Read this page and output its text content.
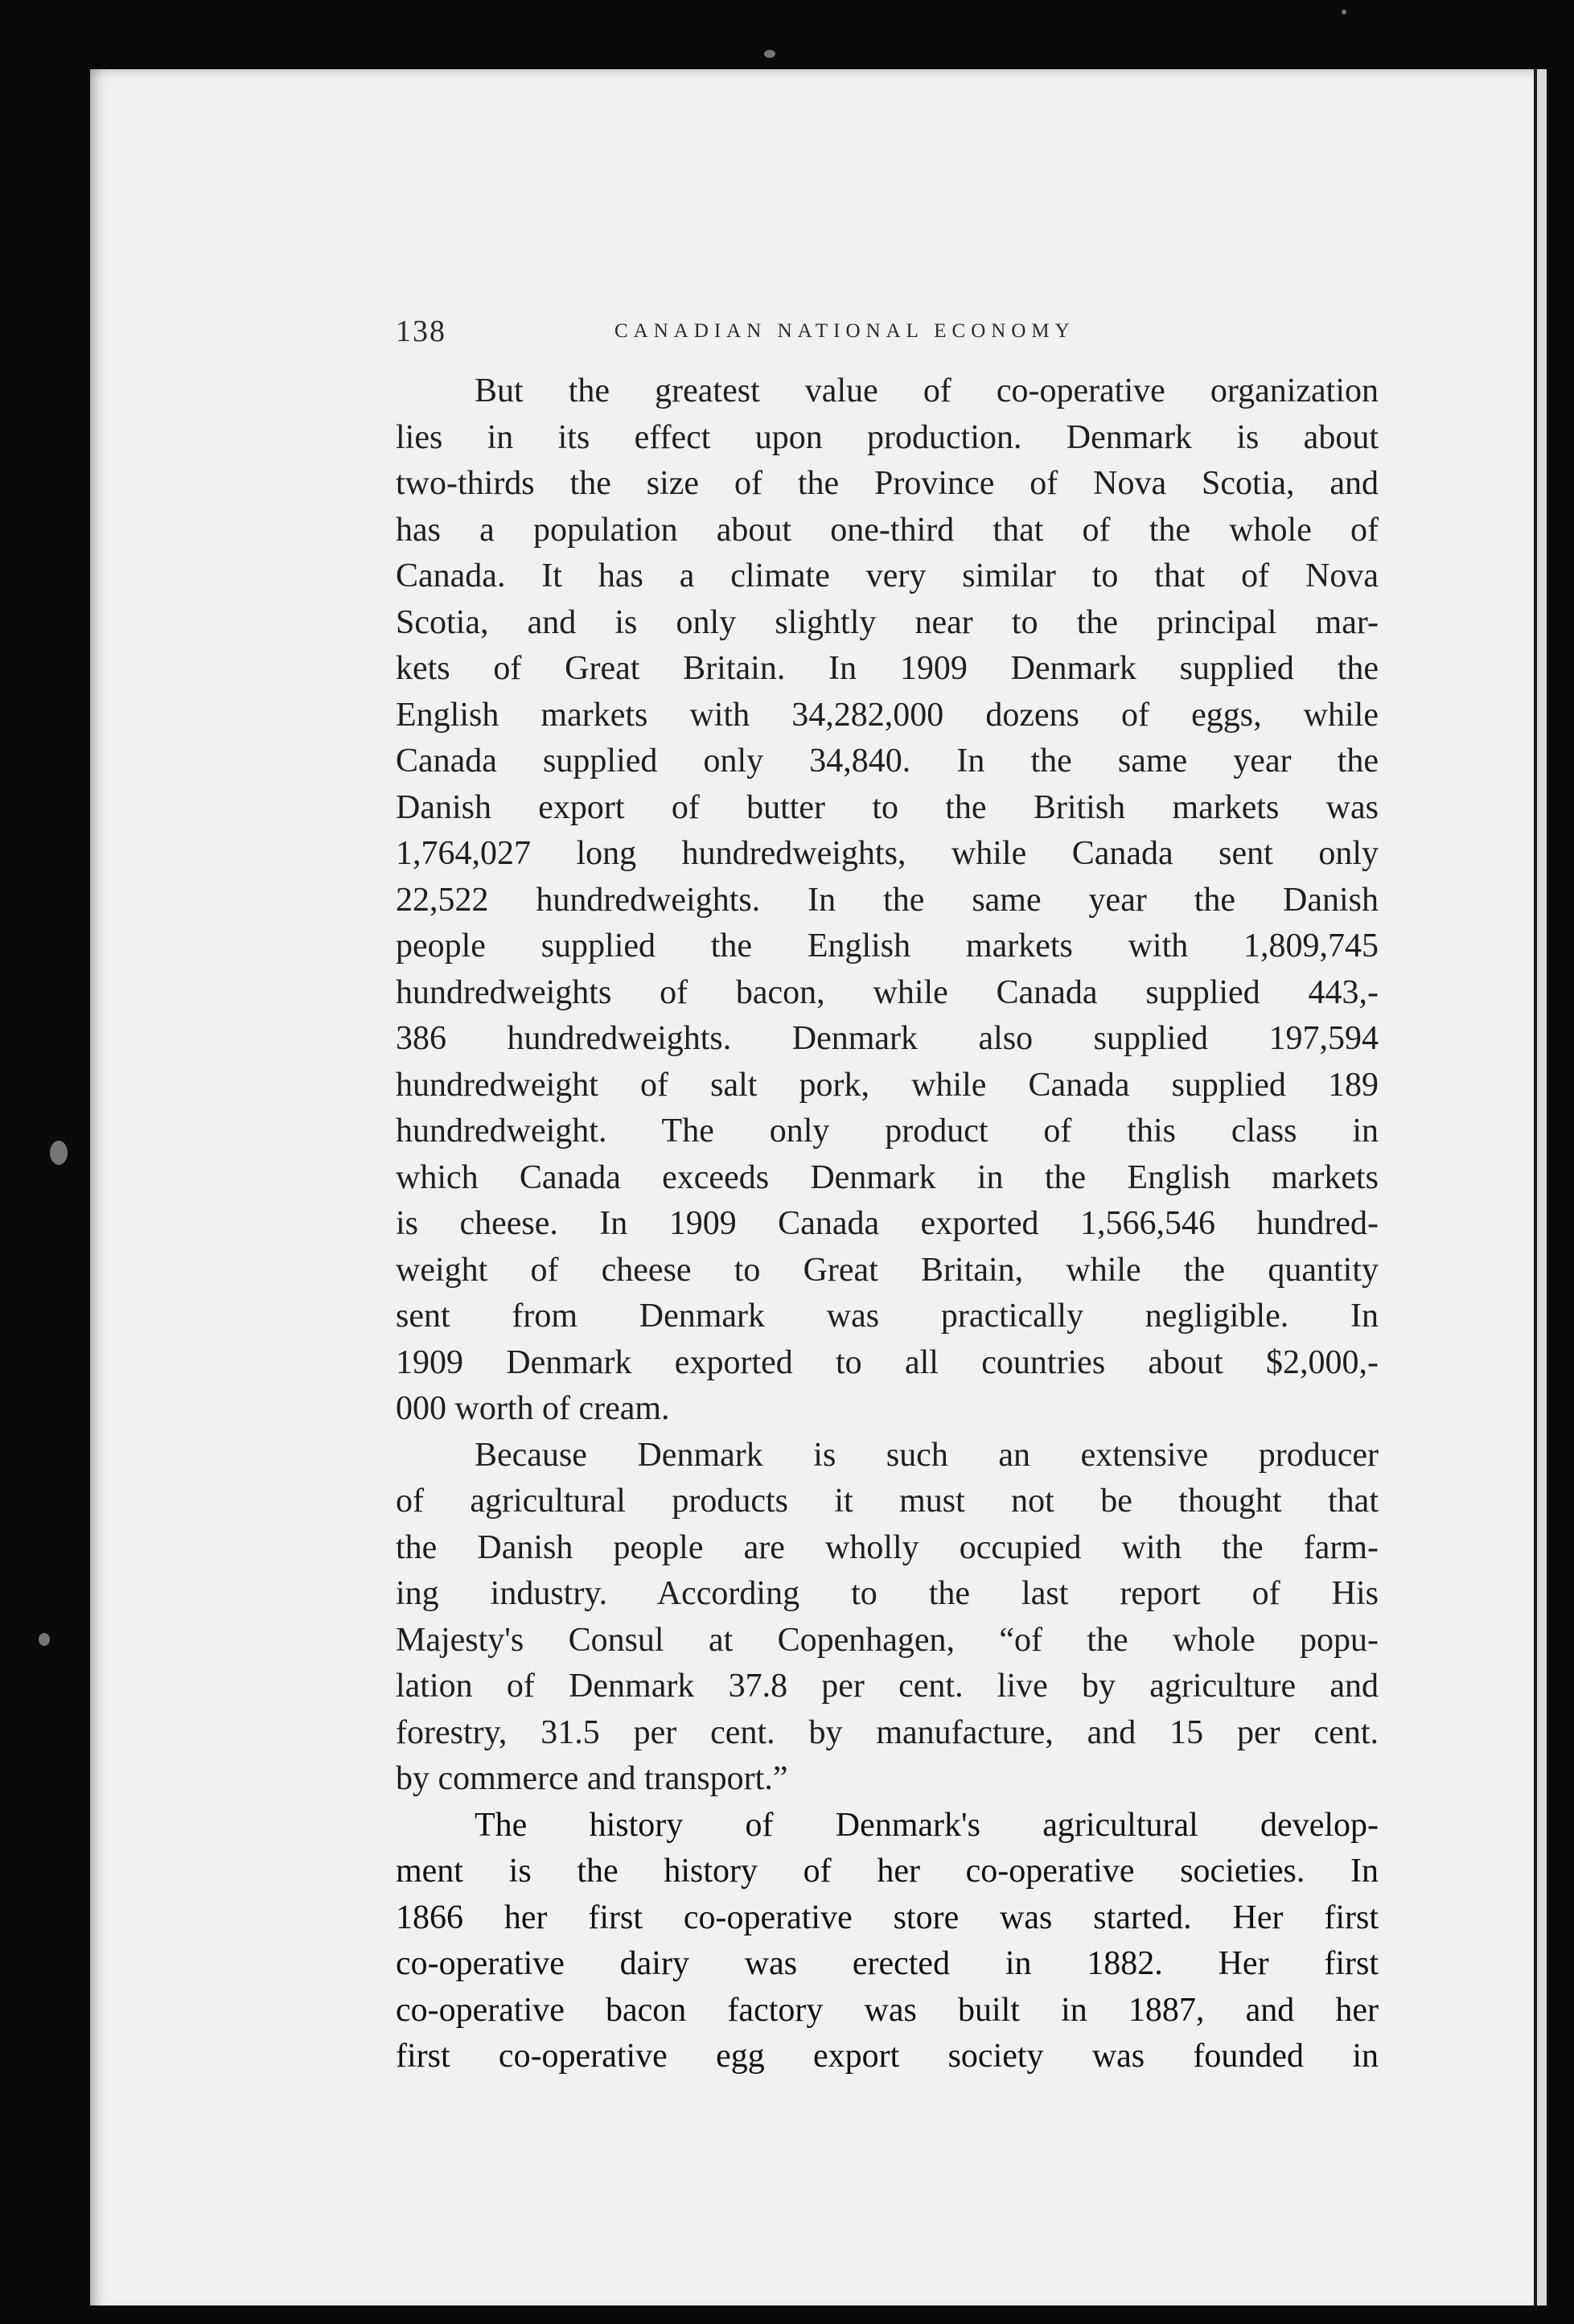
138	CANADIAN NATIONAL ECONOMY

But the greatest value of co-operative organization
lies in its effect upon production. Denmark is about
two-thirds the size of the Province of Nova Scotia, and
has a population about one-third that of the whole of
Canada. It has a climate very similar to that of Nova
Scotia, and is only slightly near to the principal mar-
kets of Great Britain. In 1909 Denmark supplied the
English markets with 34,282,000 dozens of eggs, while
Canada supplied only 34,840. In the same year the
Danish export of butter to the British markets was
1,764,027 long hundredweights, while Canada sent only
22,522 hundredweights. In the same year the Danish
people supplied the English markets with 1,809,745
hundredweights of bacon, while Canada supplied 443,-
386 hundredweights. Denmark also supplied 197,594
hundredweight of salt pork, while Canada supplied 189
hundredweight. The only product of this class in
which Canada exceeds Denmark in the English markets
is cheese. In 1909 Canada exported 1,566,546 hundred-
weight of cheese to Great Britain, while the quantity
sent from Denmark was practically negligible. In
1909 Denmark exported to all countries about $2,000,-
000 worth of cream.

Because Denmark is such an extensive producer
of agricultural products it must not be thought that
the Danish people are wholly occupied with the farm-
ing industry. According to the last report of His
Majesty's Consul at Copenhagen, “of the whole popu-
lation of Denmark 37.8 per cent. live by agriculture and
forestry, 31.5 per cent. by manufacture, and 15 per cent.
by commerce and transport.”

The history of Denmark's agricultural develop-
ment is the history of her co-operative societies. In
1866 her first co-operative store was started. Her first
co-operative dairy was erected in 1882. Her first
co-operative bacon factory was built in 1887, and her
first co-operative egg export society was founded in
